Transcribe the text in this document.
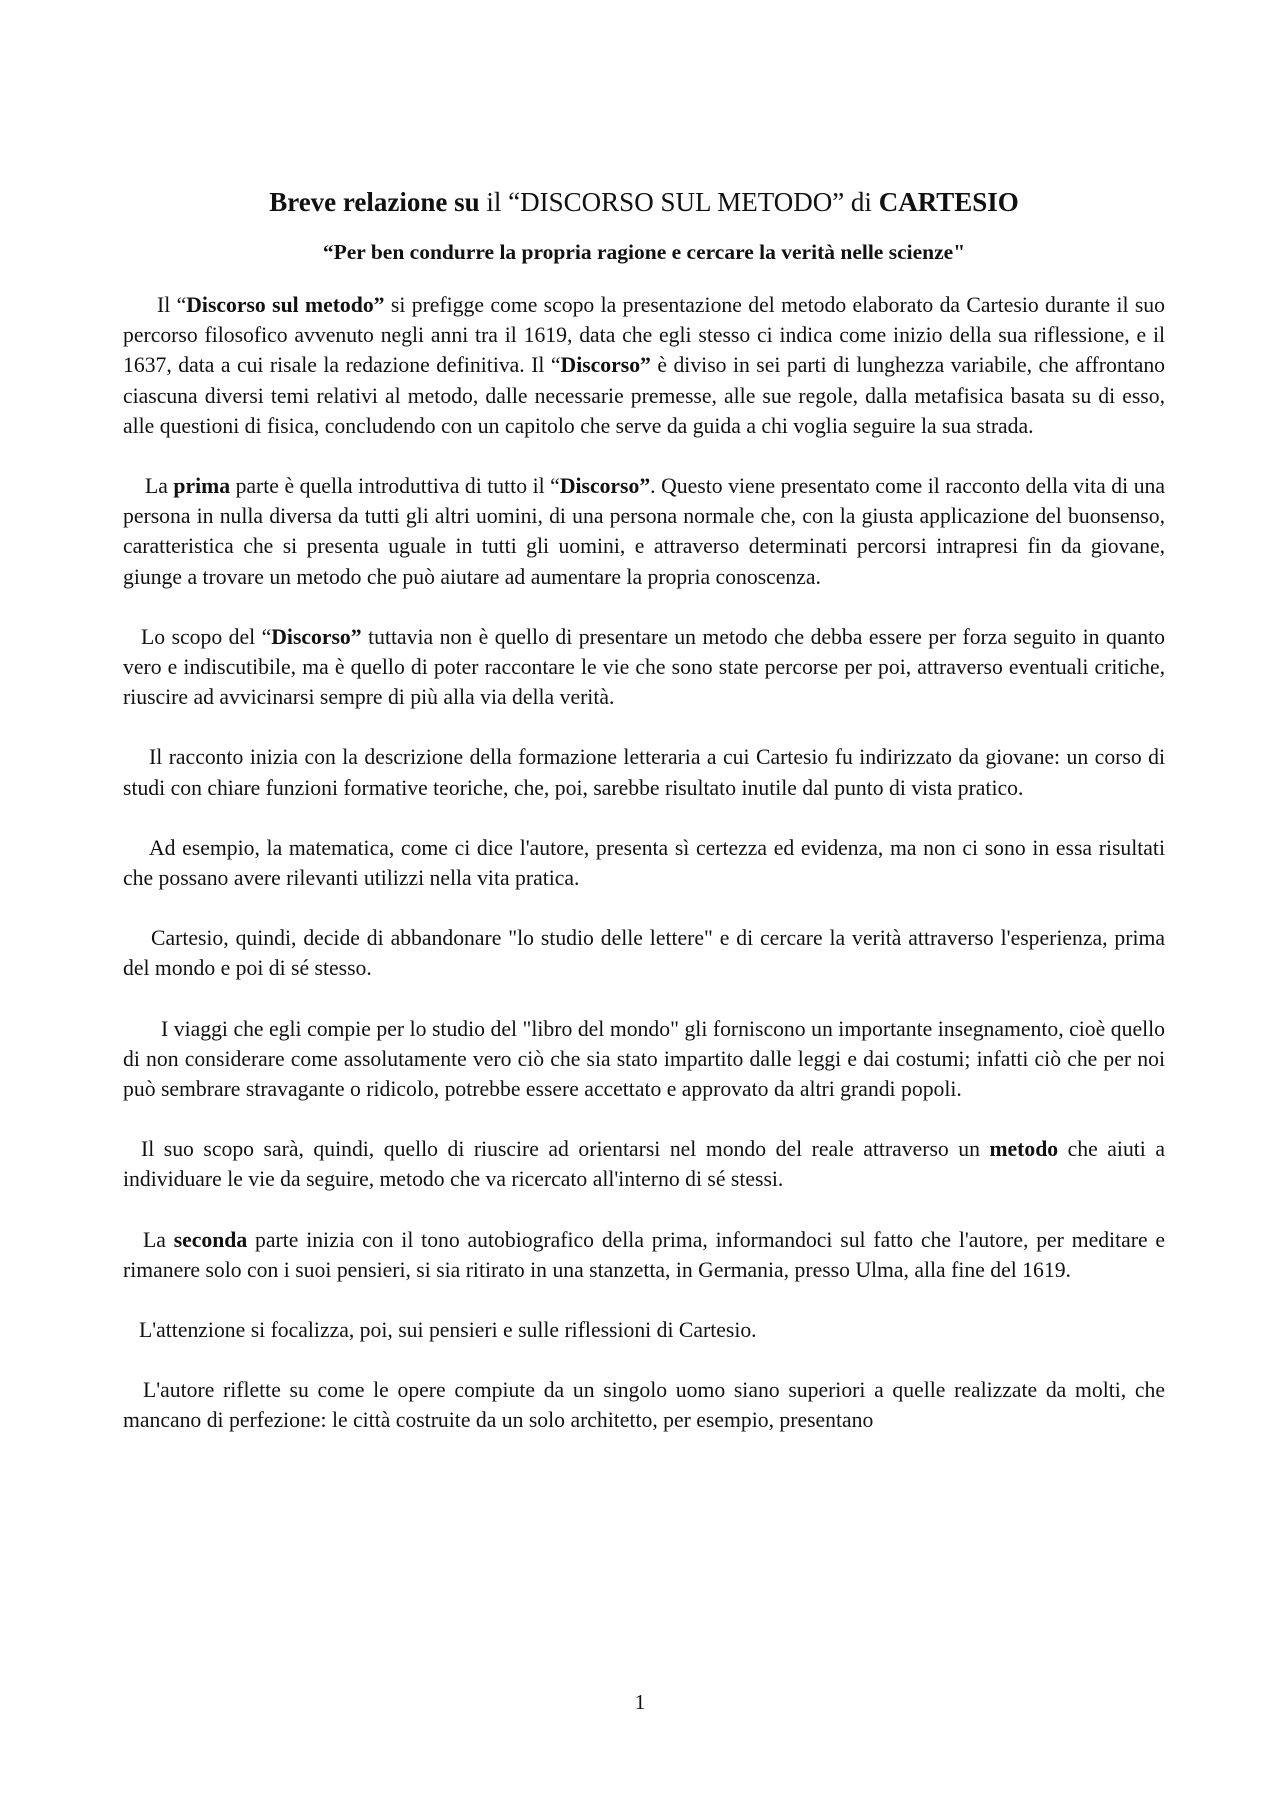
Breve relazione su il “DISCORSO SUL METODO” di CARTESIO

“Per ben condurre la propria ragione e cercare la verità nelle scienze"

Il “Discorso sul metodo” si prefigge come scopo la presentazione del metodo elaborato da Cartesio durante il suo percorso filosofico avvenuto negli anni tra il 1619, data che egli stesso ci indica come inizio della sua riflessione, e il 1637, data a cui risale la redazione definitiva. Il “Discorso” è diviso in sei parti di lunghezza variabile, che affrontano ciascuna diversi temi relativi al metodo, dalle necessarie premesse, alle sue regole, dalla metafisica basata su di esso, alle questioni di fisica, concludendo con un capitolo che serve da guida a chi voglia seguire la sua strada.

La prima parte è quella introduttiva di tutto il “Discorso”. Questo viene presentato come il racconto della vita di una persona in nulla diversa da tutti gli altri uomini, di una persona normale che, con la giusta applicazione del buonsenso, caratteristica che si presenta uguale in tutti gli uomini, e attraverso determinati percorsi intrapresi fin da giovane, giunge a trovare un metodo che può aiutare ad aumentare la propria conoscenza.

Lo scopo del “Discorso” tuttavia non è quello di presentare un metodo che debba essere per forza seguito in quanto vero e indiscutibile, ma è quello di poter raccontare le vie che sono state percorse per poi, attraverso eventuali critiche, riuscire ad avvicinarsi sempre di più alla via della verità.

Il racconto inizia con la descrizione della formazione letteraria a cui Cartesio fu indirizzato da giovane: un corso di studi con chiare funzioni formative teoriche, che, poi, sarebbe risultato inutile dal punto di vista pratico.

Ad esempio, la matematica, come ci dice l'autore, presenta sì certezza ed evidenza, ma non ci sono in essa risultati che possano avere rilevanti utilizzi nella vita pratica.

Cartesio, quindi, decide di abbandonare "lo studio delle lettere" e di cercare la verità attraverso l'esperienza, prima del mondo e poi di sé stesso.

I viaggi che egli compie per lo studio del "libro del mondo" gli forniscono un importante insegnamento, cioè quello di non considerare come assolutamente vero ciò che sia stato impartito dalle leggi e dai costumi; infatti ciò che per noi può sembrare stravagante o ridicolo, potrebbe essere accettato e approvato da altri grandi popoli.

Il suo scopo sarà, quindi, quello di riuscire ad orientarsi nel mondo del reale attraverso un metodo che aiuti a individuare le vie da seguire, metodo che va ricercato all'interno di sé stessi.

La seconda parte inizia con il tono autobiografico della prima, informandoci sul fatto che l'autore, per meditare e rimanere solo con i suoi pensieri, si sia ritirato in una stanzetta, in Germania, presso Ulma, alla fine del 1619.

L'attenzione si focalizza, poi, sui pensieri e sulle riflessioni di Cartesio.

L'autore riflette su come le opere compiute da un singolo uomo siano superiori a quelle realizzate da molti, che mancano di perfezione: le città costruite da un solo architetto, per esempio, presentano

1
